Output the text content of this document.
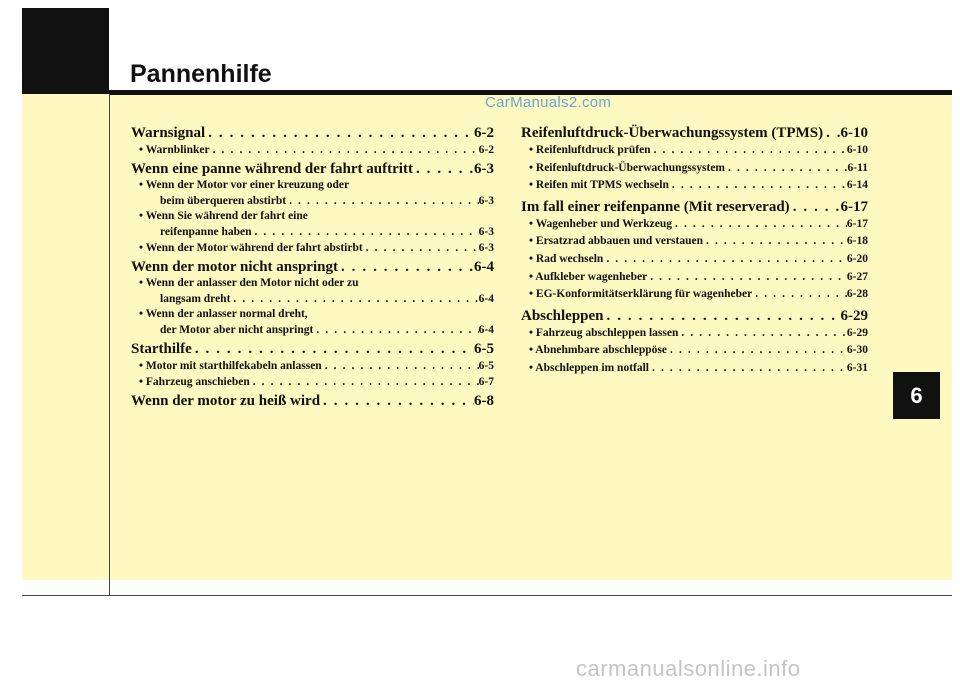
Pannenhilfe
CarManuals2.com
Warnsignal . . .	6-2
• Warnblinker . . .	6-2
Wenn eine panne während der fahrt auftritt . . .	6-3
• Wenn der Motor vor einer kreuzung oder
beim überqueren abstirbt . . .	6-3
• Wenn Sie während der fahrt eine
reifenpanne haben . . .	6-3
• Wenn der Motor während der fahrt abstirbt . . .	6-3
Wenn der motor nicht anspringt . . .	6-4
• Wenn der anlasser den Motor nicht oder zu
langsam dreht . . .	6-4
• Wenn der anlasser normal dreht,
der Motor aber nicht anspringt . . .	6-4
Starthilfe . . .	6-5
• Motor mit starthilfekabeln anlassen . . .	6-5
• Fahrzeug anschieben . . .	6-7
Wenn der motor zu heiß wird . . .	6-8
Reifenluftdruck-Überwachungssystem (TPMS) . . . 6-10
• Reifenluftdruck prüfen . . .	6-10
• Reifenluftdruck-Überwachungssystem . . .	6-11
• Reifen mit TPMS wechseln . . .	6-14
Im fall einer reifenpanne (Mit reserverad) . . .	6-17
• Wagenheber und Werkzeug . . .	6-17
• Ersatzrad abbauen und verstauen . . .	6-18
• Rad wechseln . . .	6-20
• Aufkleber wagenheber . . .	6-27
• EG-Konformitätserklärung für wagenheber . . .	6-28
Abschleppen . . .	6-29
• Fahrzeug abschleppen lassen . . .	6-29
• Abnehmbare abschleppöse . . .	6-30
• Abschleppen im notfall . . .	6-31
6
carmanualsonline.info
